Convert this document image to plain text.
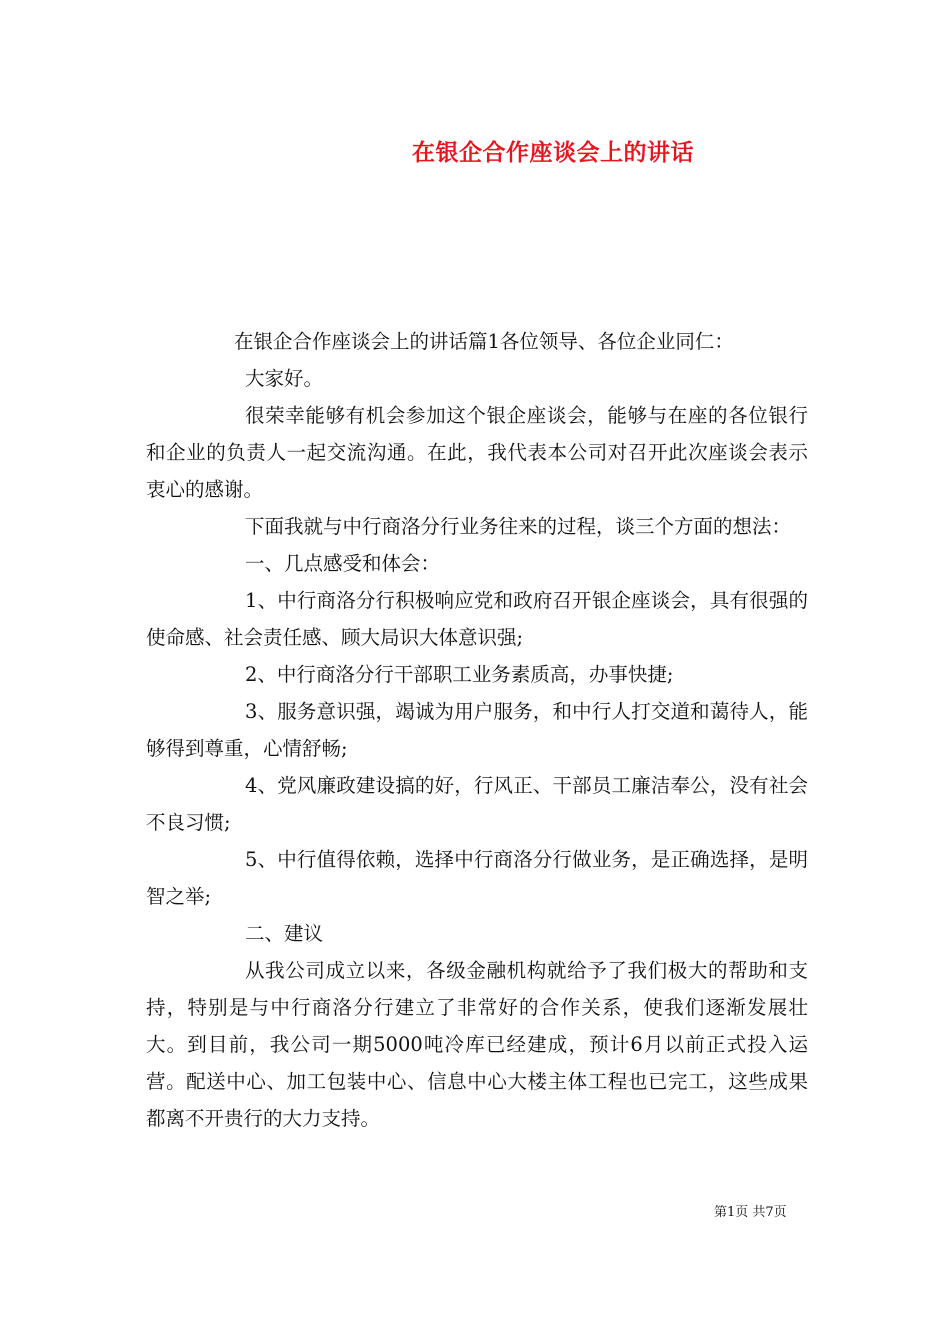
在银企合作座谈会上的讲话

在银企合作座谈会上的讲话篇1各位领导、各位企业同仁：

大家好。

很荣幸能够有机会参加这个银企座谈会，能够与在座的各位银行和企业的负责人一起交流沟通。在此，我代表本公司对召开此次座谈会表示衷心的感谢。

下面我就与中行商洛分行业务往来的过程，谈三个方面的想法：

一、几点感受和体会：

1、中行商洛分行积极响应党和政府召开银企座谈会，具有很强的使命感、社会责任感、顾大局识大体意识强;

2、中行商洛分行干部职工业务素质高，办事快捷;

3、服务意识强，竭诚为用户服务，和中行人打交道和蔼待人，能够得到尊重，心情舒畅;

4、党风廉政建设搞的好，行风正、干部员工廉洁奉公，没有社会不良习惯;

5、中行值得依赖，选择中行商洛分行做业务，是正确选择，是明智之举;

二、建议

从我公司成立以来，各级金融机构就给予了我们极大的帮助和支持，特别是与中行商洛分行建立了非常好的合作关系，使我们逐渐发展壮大。到目前，我公司一期5000吨冷库已经建成，预计6月以前正式投入运营。配送中心、加工包装中心、信息中心大楼主体工程也已完工，这些成果都离不开贵行的大力支持。

第1页 共7页
